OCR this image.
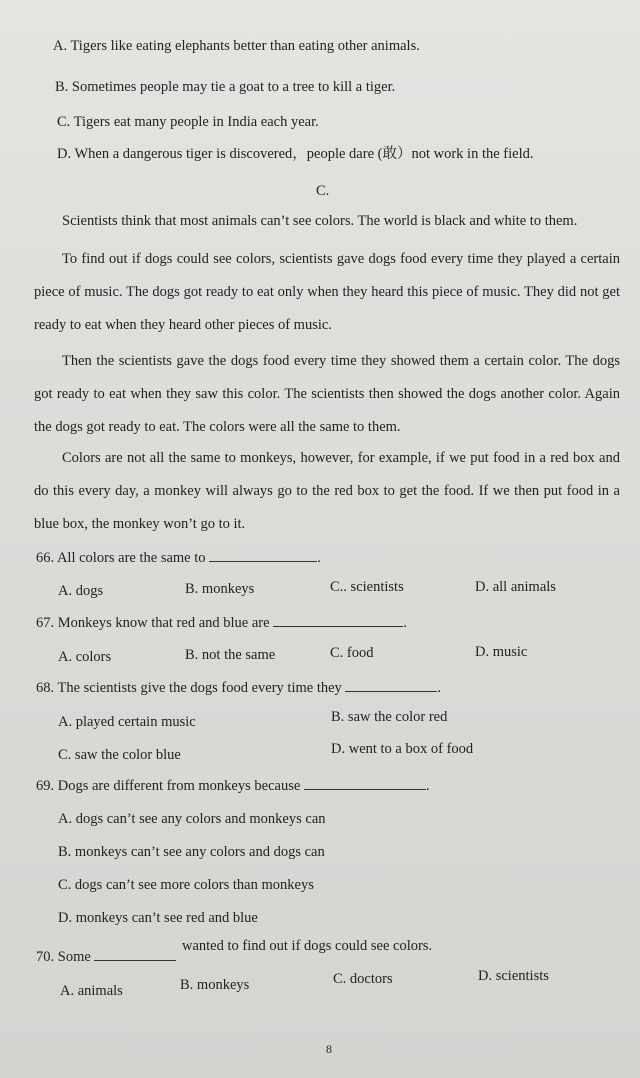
A. Tigers like eating elephants better than eating other animals.
B. Sometimes people may tie a goat to a tree to kill a tiger.
C. Tigers eat many people in India each year.
D. When a dangerous tiger is discovered，people dare (敢）not work in the field.
C.
Scientists think that most animals can’t see colors. The world is black and white to them.
To find out if dogs could see colors, scientists gave dogs food every time they played a certain piece of music. The dogs got ready to eat only when they heard this piece of music. They did not get ready to eat when they heard other pieces of music.
Then the scientists gave the dogs food every time they showed them a certain color. The dogs got ready to eat when they saw this color. The scientists then showed the dogs another color. Again the dogs got ready to eat. The colors were all the same to them.
Colors are not all the same to monkeys, however, for example, if we put food in a red box and do this every day, a monkey will always go to the red box to get the food. If we then put food in a blue box, the monkey won’t go to it.
66. All colors are the same to	.
A. dogs	B. monkeys	C.. scientists	D. all animals
67. Monkeys know that red and blue are	.
A. colors	B. not the same	C. food	D. music
68. The scientists give the dogs food every time they	.
A. played certain music	B. saw the color red
C. saw the color blue	D. went to a box of food
69. Dogs are different from monkeys because	.
A. dogs can’t see any colors and monkeys can
B. monkeys can’t see any colors and dogs can
C. dogs can’t see more colors than monkeys
D. monkeys can’t see red and blue
70. Some
wanted to find out if dogs could see colors.
A. animals	B. monkeys	C. doctors	D. scientists
8
